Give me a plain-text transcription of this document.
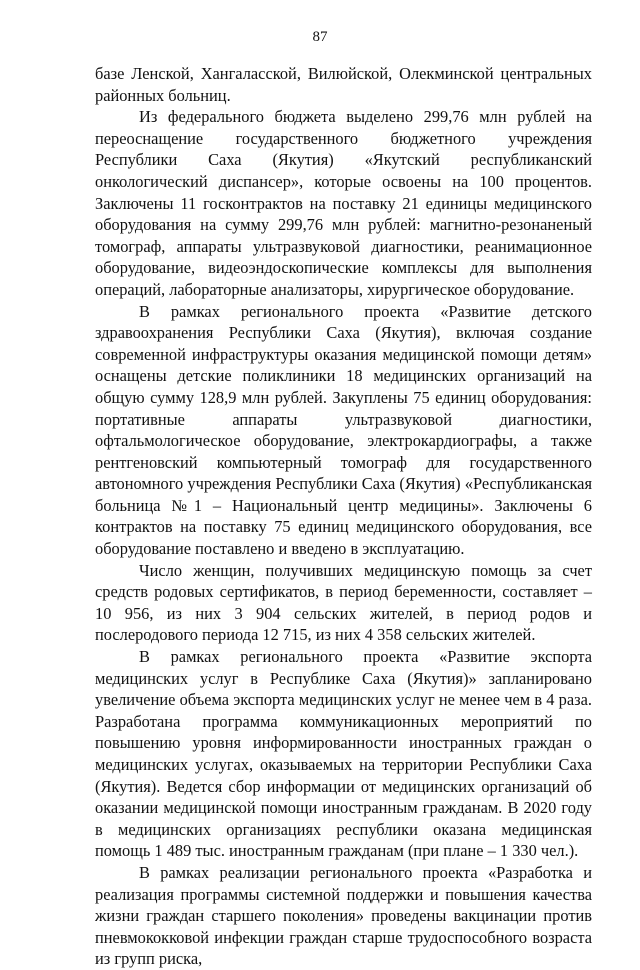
87

базе Ленской, Хангаласской, Вилюйской, Олекминской центральных районных больниц.

Из федерального бюджета выделено 299,76 млн рублей на переоснащение государственного бюджетного учреждения Республики Саха (Якутия) «Якутский республиканский онкологический диспансер», которые освоены на 100 процентов. Заключены 11 госконтрактов на поставку 21 единицы медицинского оборудования на сумму 299,76 млн рублей: магнитно-резонаненый томограф, аппараты ультразвуковой диагностики, реанимационное оборудование, видеоэндоскопические комплексы для выполнения операций, лабораторные анализаторы, хирургическое оборудование.

В рамках регионального проекта «Развитие детского здравоохранения Республики Саха (Якутия), включая создание современной инфраструктуры оказания медицинской помощи детям» оснащены детские поликлиники 18 медицинских организаций на общую сумму 128,9 млн рублей. Закуплены 75 единиц оборудования: портативные аппараты ультразвуковой диагностики, офтальмологическое оборудование, электрокардиографы, а также рентгеновский компьютерный томограф для государственного автономного учреждения Республики Саха (Якутия) «Республиканская больница №1 – Национальный центр медицины». Заключены 6 контрактов на поставку 75 единиц медицинского оборудования, все оборудование поставлено и введено в эксплуатацию.

Число женщин, получивших медицинскую помощь за счет средств родовых сертификатов, в период беременности, составляет – 10 956, из них 3 904 сельских жителей, в период родов и послеродового периода 12 715, из них 4 358 сельских жителей.

В рамках регионального проекта «Развитие экспорта медицинских услуг в Республике Саха (Якутия)» запланировано увеличение объема экспорта медицинских услуг не менее чем в 4 раза. Разработана программа коммуникационных мероприятий по повышению уровня информированности иностранных граждан о медицинских услугах, оказываемых на территории Республики Саха (Якутия). Ведется сбор информации от медицинских организаций об оказании медицинской помощи иностранным гражданам. В 2020 году в медицинских организациях республики оказана медицинская помощь 1 489 тыс. иностранным гражданам (при плане – 1 330 чел.).

В рамках реализации регионального проекта «Разработка и реализация программы системной поддержки и повышения качества жизни граждан старшего поколения» проведены вакцинации против пневмококковой инфекции граждан старше трудоспособного возраста из групп риска,
